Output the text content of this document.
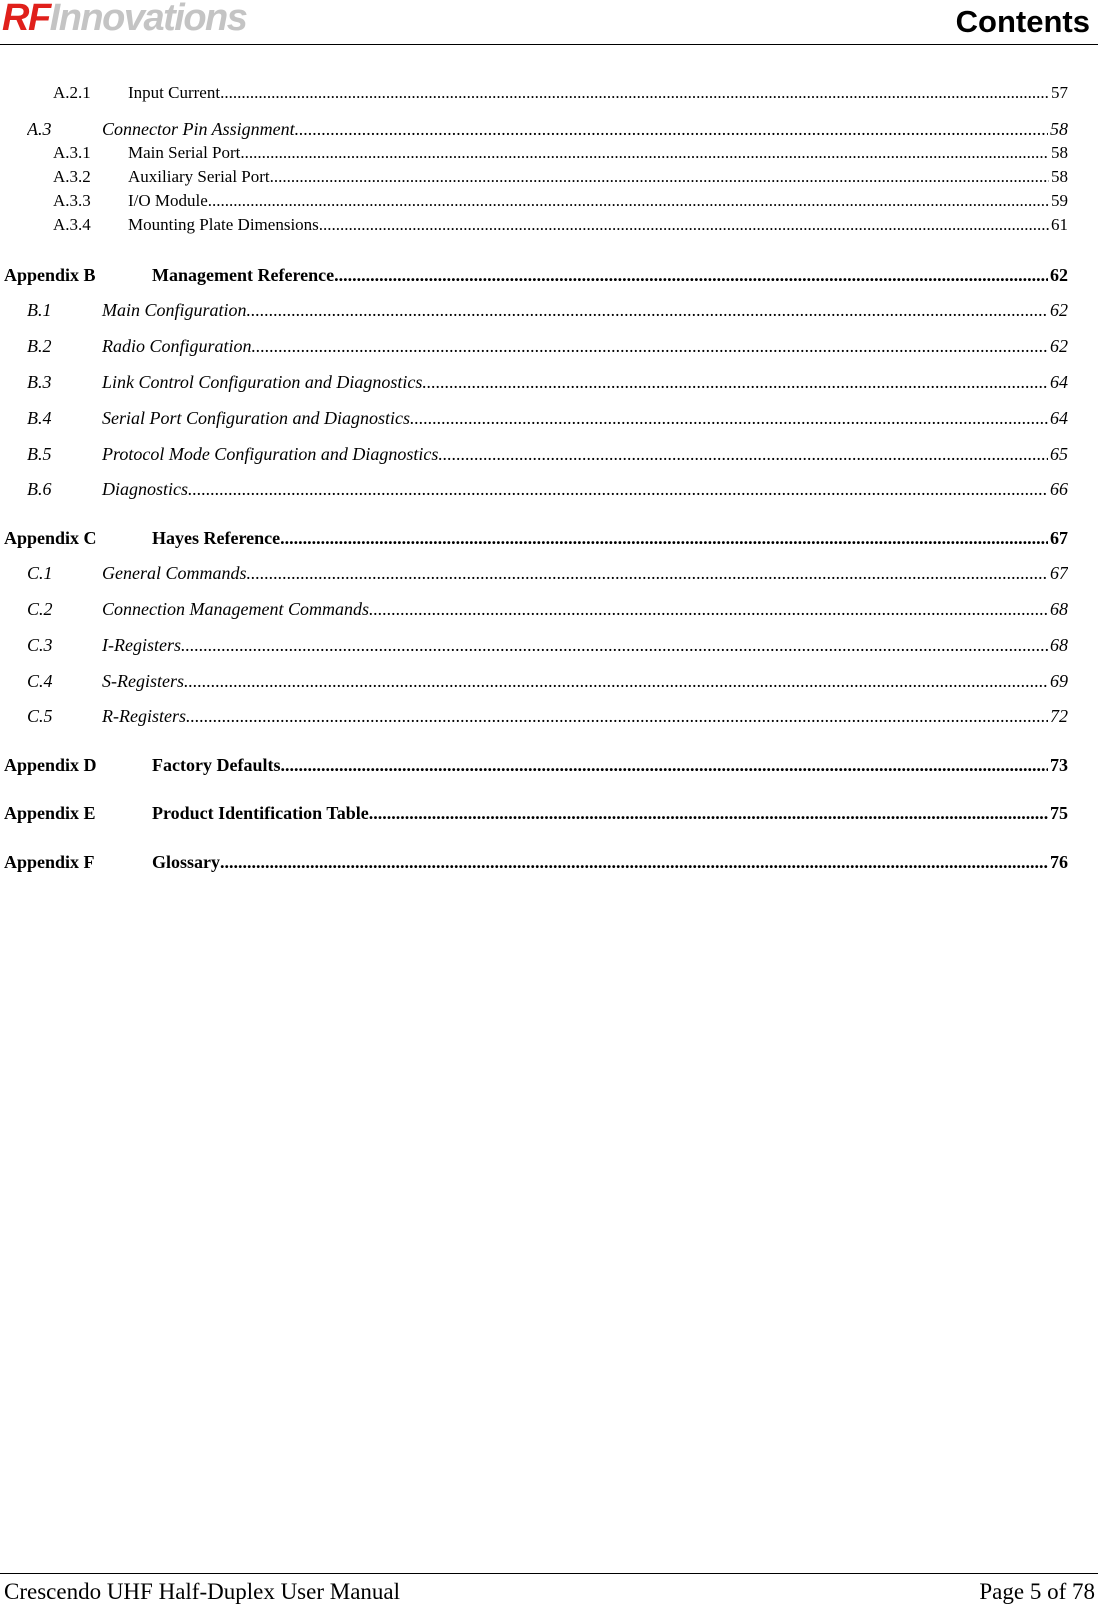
RFInnovations	Contents
A.2.1	Input Current .....	57
A.3	Connector Pin Assignment .....	58
A.3.1	Main Serial Port .....	58
A.3.2	Auxiliary Serial Port .....	58
A.3.3	I/O Module .....	59
A.3.4	Mounting Plate Dimensions .....	61
Appendix B	Management Reference .....	62
B.1	Main Configuration .....	62
B.2	Radio Configuration .....	62
B.3	Link Control Configuration and Diagnostics .....	64
B.4	Serial Port Configuration and Diagnostics .....	64
B.5	Protocol Mode Configuration and Diagnostics .....	65
B.6	Diagnostics .....	66
Appendix C	Hayes Reference .....	67
C.1	General Commands .....	67
C.2	Connection Management Commands .....	68
C.3	I-Registers .....	68
C.4	S-Registers .....	69
C.5	R-Registers .....	72
Appendix D	Factory Defaults .....	73
Appendix E	Product Identification Table .....	75
Appendix F	Glossary .....	76
Crescendo UHF Half-Duplex User Manual	Page 5 of 78
